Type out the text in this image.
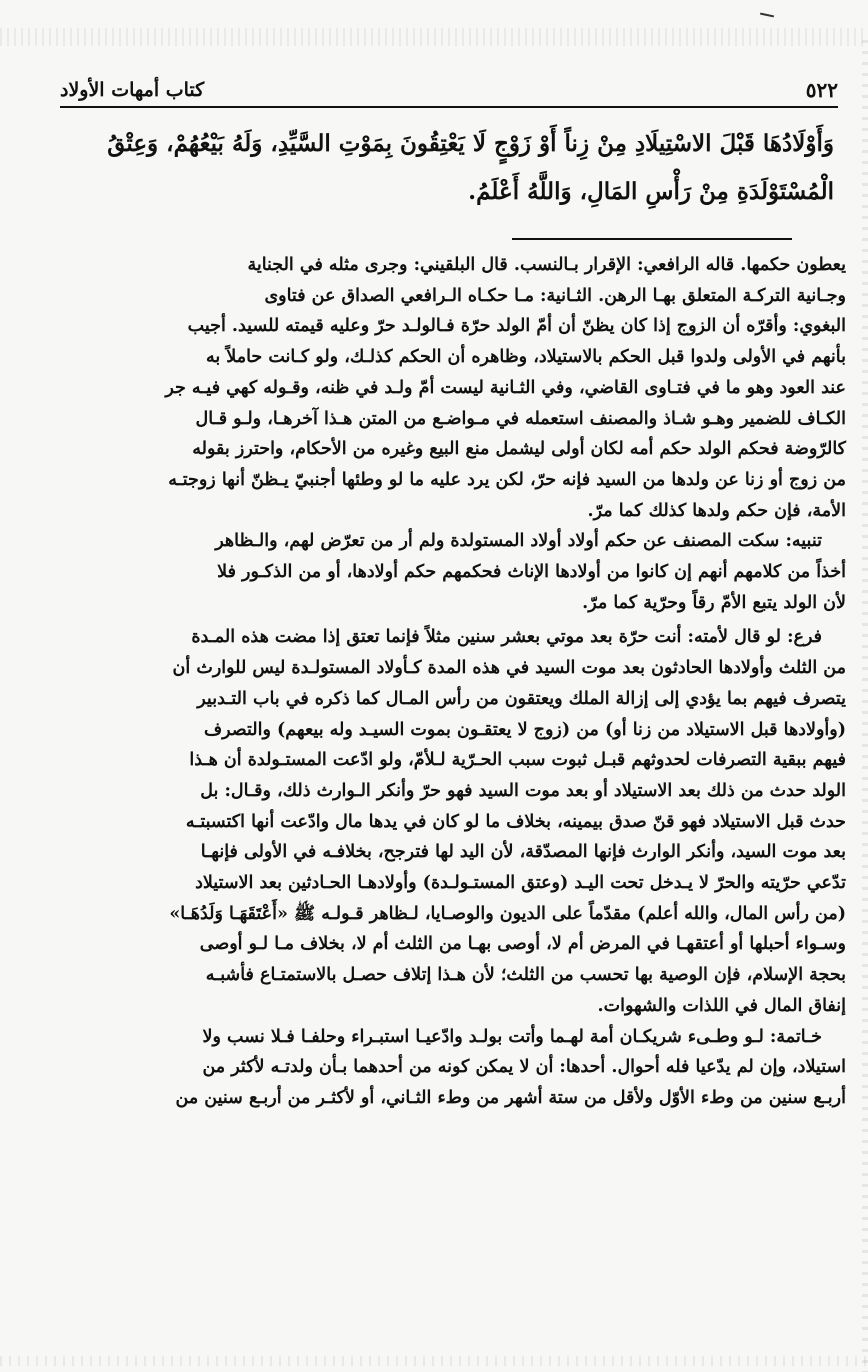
٥٢٢
كتاب أمهات الأولاد

وَأَوْلَادُهَا قَبْلَ الاسْتِيلَادِ مِنْ زِناً أَوْ زَوْجٍ لَا يَعْتِقُونَ بِمَوْتِ السَّيِّدِ، وَلَهُ بَيْعُهُمْ، وَعِتْقُ

الْمُسْتَوْلَدَةِ مِنْ رَأْسِ المَالِ، وَاللَّهُ أَعْلَمُ.

يعطون حكمها. قاله الرافعي: الإقرار بـالنسب. قال البلقيني: وجرى مثله في الجناية

وجـانية التركـة المتعلق بهـا الرهن. الثـانية: مـا حكـاه الـرافعي الصداق عن فتاوى

البغوي: وأقرّه أن الزوج إذا كان يظنّ أن أمّ الولد حرّة فـالولـد حرّ وعليه قيمته للسيد. أجيب

بأنهم في الأولى ولدوا قبل الحكم بالاستيلاد، وظاهره أن الحكم كذلـك، ولو كـانت حاملاً به

عند العود وهو ما في فتـاوى القاضي، وفي الثـانية ليست أمّ ولـد في ظنه، وقـوله كهي فيـه جر

الكـاف للضمير وهـو شـاذ والمصنف استعمله في مـواضـع من المتن هـذا آخرهـا، ولـو قـال

كالرّوضة فحكم الولد حكم أمه لكان أولى ليشمل منع البيع وغيره من الأحكام، واحترز بقوله

من زوج أو زنا عن ولدها من السيد فإنه حرّ، لكن يرد عليه ما لو وطئها أجنبيّ يـظنّ أنها زوجتـه

الأمة، فإن حكم ولدها كذلك كما مرّ.

تنبيه: سكت المصنف عن حكم أولاد أولاد المستولدة ولم أر من تعرّض لهم، والـظاهر

أخذاً من كلامهم أنهم إن كانوا من أولادها الإناث فحكمهم حكم أولادها، أو من الذكـور فلا

لأن الولد يتبع الأمّ رقاً وحرّية كما مرّ.

فرع: لو قال لأمته: أنت حرّة بعد موتي بعشر سنين مثلاً فإنما تعتق إذا مضت هذه المـدة

من الثلث وأولادها الحادثون بعد موت السيد في هذه المدة كـأولاد المستولـدة ليس للوارث أن

يتصرف فيهم بما يؤدي إلى إزالة الملك ويعتقون من رأس المـال كما ذكره في باب التـدبير

(وأولادها قبل الاستيلاد من زنا أو) من (زوج لا يعتقـون بموت السيـد وله بيعهم) والتصرف

فيهم ببقية التصرفات لحدوثهم قبـل ثبوت سبب الحـرّية لـلأمّ، ولو ادّعت المستـولدة أن هـذا

الولد حدث من ذلك بعد الاستيلاد أو بعد موت السيد فهو حرّ وأنكر الـوارث ذلك، وقـال: بل

حدث قبل الاستيلاد فهو قنّ صدق بيمينه، بخلاف ما لو كان في يدها مال وادّعت أنها اكتسبتـه

بعد موت السيد، وأنكر الوارث فإنها المصدّقة، لأن اليد لها فترجح، بخلافـه في الأولى فإنهـا

تدّعي حرّيته والحرّ لا يـدخل تحت اليـد (وعتق المستـولـدة) وأولادهـا الحـادثين بعد الاستيلاد

(من رأس المال، والله أعلم) مقدّماً على الديون والوصـايا، لـظاهر قـولـه ﷺ «أَعْتَقَهَـا وَلَدُهَـا»

وسـواء أحبلها أو أعتقهـا في المرض أم لا، أوصى بهـا من الثلث أم لا، بخلاف مـا لـو أوصى

بحجة الإسلام، فإن الوصية بها تحسب من الثلث؛ لأن هـذا إتلاف حصـل بالاستمتـاع فأشبـه

إنفاق المال في اللذات والشهوات.

خـاتمة: لـو وطـىء شريكـان أمة لهـما وأتت بولـد وادّعيـا استبـراء وحلفـا فـلا نسب ولا

استيلاد، وإن لم يدّعيا فله أحوال. أحدها: أن لا يمكن كونه من أحدهما بـأن ولدتـه لأكثر من

أربـع سنين من وطء الأوّل ولأقل من ستة أشهر من وطء الثـاني، أو لأكثـر من أربـع سنين من
